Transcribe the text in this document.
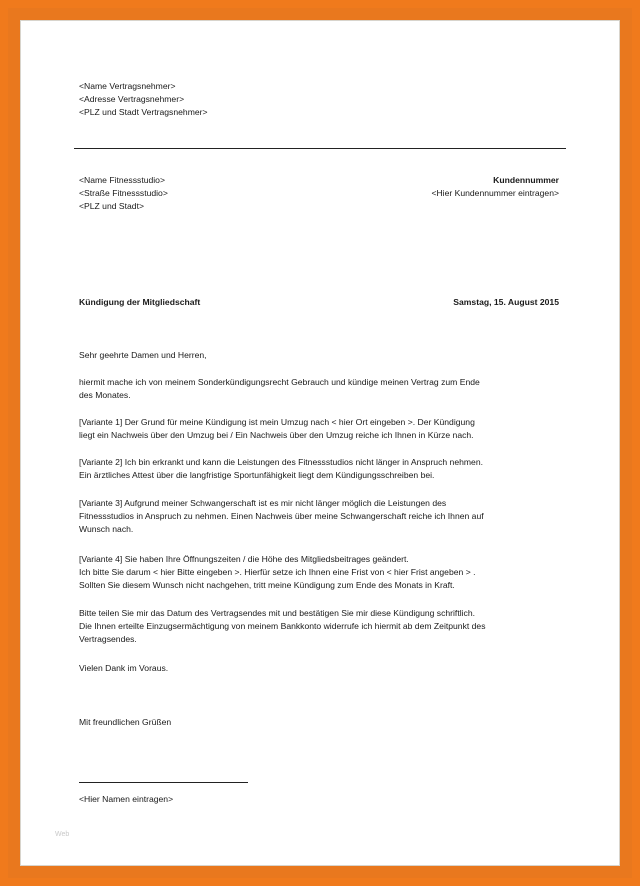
<Name Vertragsnehmer>
<Adresse Vertragsnehmer>
<PLZ und Stadt Vertragsnehmer>
<Name Fitnessstudio>
<Straße Fitnessstudio>
<PLZ und Stadt>
Kundennummer
<Hier Kundennummer eintragen>
Kündigung der Mitgliedschaft	Samstag, 15. August 2015
Sehr geehrte Damen und Herren,
hiermit mache ich von meinem Sonderkündigungsrecht Gebrauch und kündige meinen Vertrag zum Ende
des Monates.
[Variante 1] Der Grund für meine Kündigung ist mein Umzug nach < hier Ort eingeben >. Der Kündigung
liegt ein Nachweis über den Umzug bei / Ein Nachweis über den Umzug reiche ich Ihnen in Kürze nach.
[Variante 2] Ich bin erkrankt und kann die Leistungen des Fitnessstudios nicht länger in Anspruch nehmen.
Ein ärztliches Attest über die langfristige Sportunfähigkeit liegt dem Kündigungsschreiben bei.
[Variante 3] Aufgrund meiner Schwangerschaft ist es mir nicht länger möglich die Leistungen des
Fitnessstudios in Anspruch zu nehmen. Einen Nachweis über meine Schwangerschaft reiche ich Ihnen auf
Wunsch nach.
[Variante 4] Sie haben Ihre Öffnungszeiten / die Höhe des Mitgliedsbeitrages geändert.
Ich bitte Sie darum < hier Bitte eingeben >. Hierfür setze ich Ihnen eine Frist von < hier Frist angeben > .
Sollten Sie diesem Wunsch nicht nachgehen, tritt meine Kündigung zum Ende des Monats in Kraft.
Bitte teilen Sie mir das Datum des Vertragsendes mit und bestätigen Sie mir diese Kündigung schriftlich.
Die Ihnen erteilte Einzugsermächtigung von meinem Bankkonto widerrufe ich hiermit ab dem Zeitpunkt des
Vertragsendes.
Vielen Dank im Voraus.
Mit freundlichen Grüßen
<Hier Namen eintragen>
Web
